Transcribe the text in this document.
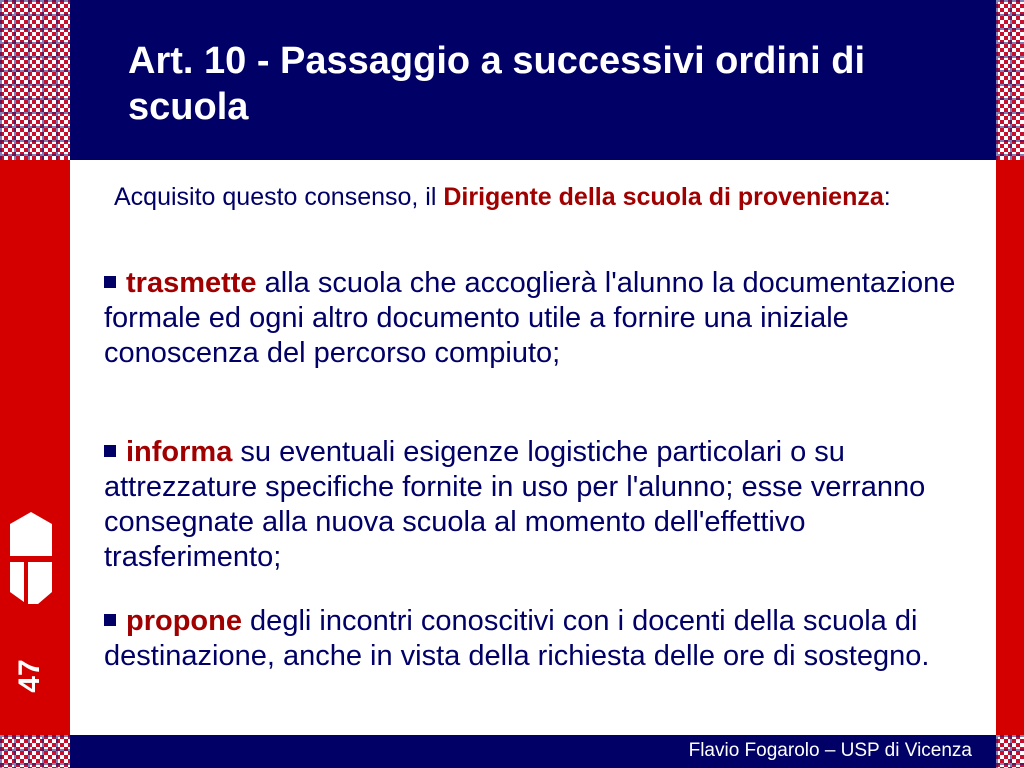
Art. 10 - Passaggio a successivi ordini di scuola
47

Acquisito questo consenso, il Dirigente della scuola di provenienza:

trasmette alla scuola che accoglierà l'alunno la documentazione formale ed ogni altro documento utile a fornire una iniziale conoscenza del percorso compiuto;

informa su eventuali esigenze logistiche particolari o su attrezzature specifiche fornite in uso per l'alunno; esse verranno consegnate alla nuova scuola al momento dell'effettivo trasferimento;

propone degli incontri conoscitivi con i docenti della scuola di destinazione, anche in vista della richiesta delle ore di sostegno.

Flavio Fogarolo – USP di Vicenza
